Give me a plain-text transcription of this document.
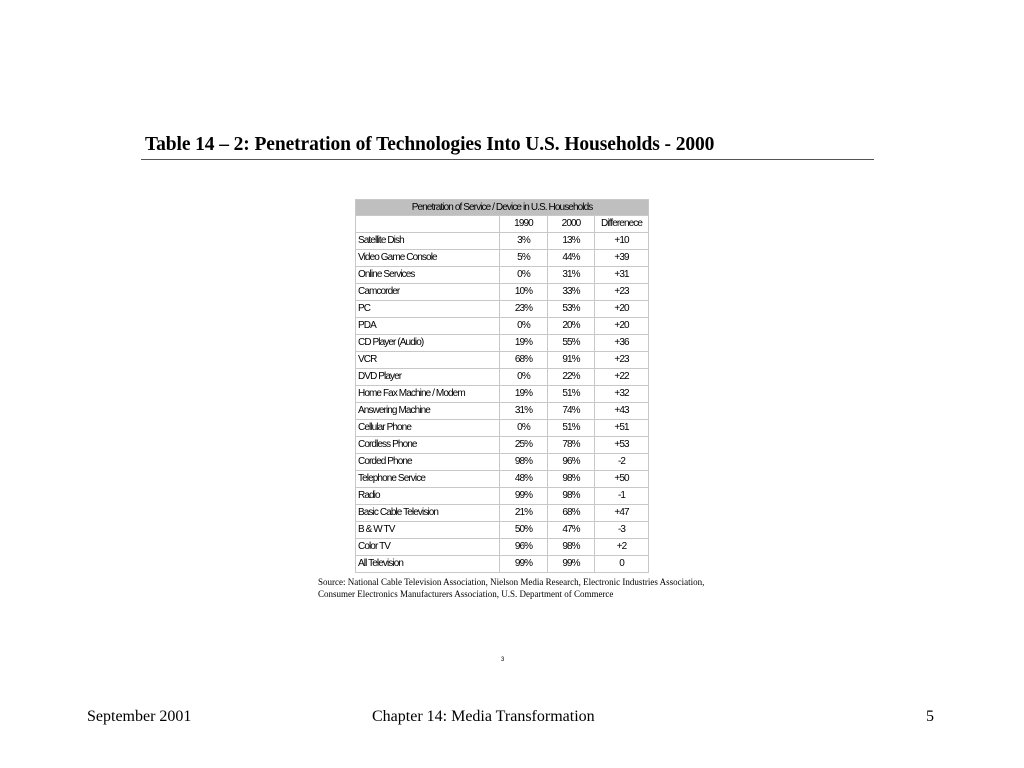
Table 14 – 2: Penetration of Technologies Into U.S. Households - 2000
Penetration of Service / Device in U.S. Households			
	1990	2000	Differenece
Satellite Dish	3%	13%	+10
Video Game Console	5%	44%	+39
Online Services	0%	31%	+31
Camcorder	10%	33%	+23
PC	23%	53%	+20
PDA	0%	20%	+20
CD Player (Audio)	19%	55%	+36
VCR	68%	91%	+23
DVD Player	0%	22%	+22
Home Fax Machine / Modem	19%	51%	+32
Answering Machine	31%	74%	+43
Cellular Phone	0%	51%	+51
Cordless Phone	25%	78%	+53
Corded Phone	98%	96%	-2
Telephone Service	48%	98%	+50
Radio	99%	98%	-1
Basic Cable Television	21%	68%	+47
B & W TV	50%	47%	-3
Color TV	96%	98%	+2
All Television	99%	99%	0
Source: National Cable Television Association, Nielson Media Research, Electronic Industries Association, Consumer Electronics Manufacturers Association, U.S. Department of Commerce
3
September 2001	Chapter 14: Media Transformation	5
